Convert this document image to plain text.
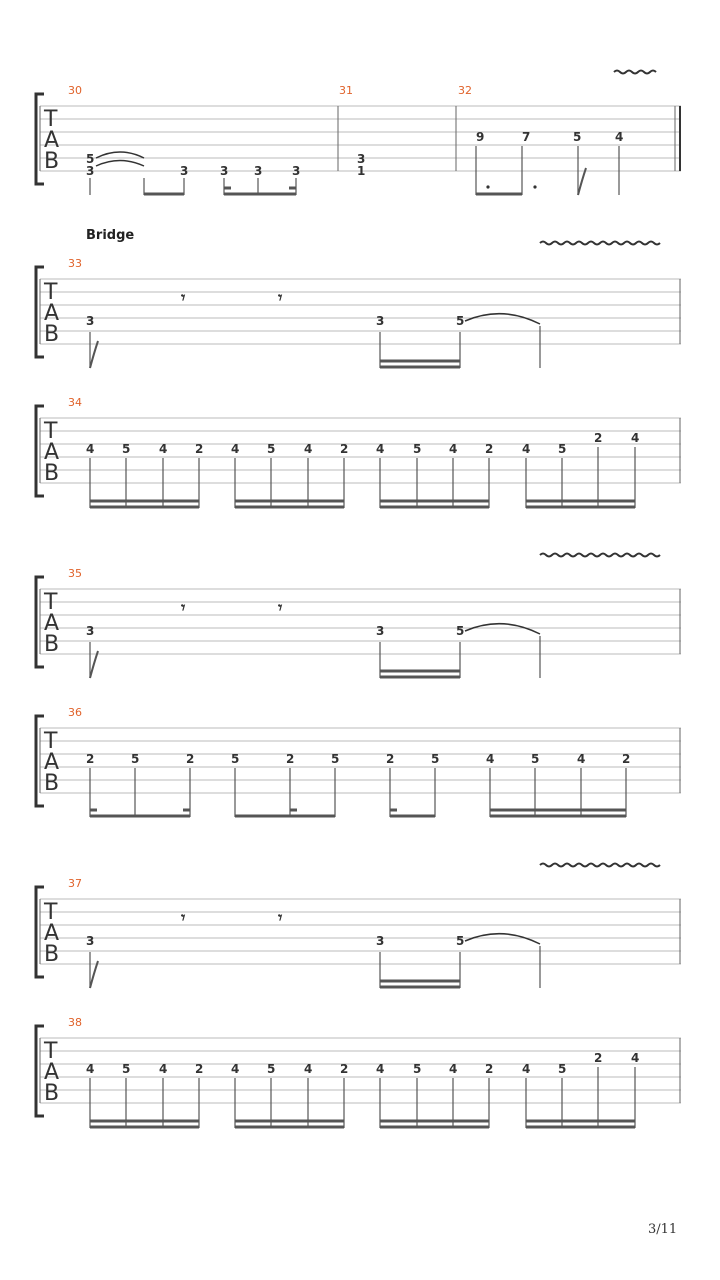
Bridge
T
A
B
30	31	32
5
3	3	3 3 3
3
1
9	7	5	4
T
A
B
33
𝄾	𝄾
3	3	5
T
A
B
34
4 5 4 2 4 5 4 2 4 5 4 2 4 5
2 4
T
A
B
35
𝄾	𝄾
3	3	5
T
A
B
36
2	5	2	5	2	5	2	5	4	5	4	2
T
A
B
37
𝄾	𝄾
3	3	5
T
A
B
38
4 5 4 2 4 5 4 2 4 5 4 2 4 5
2 4
3/11
